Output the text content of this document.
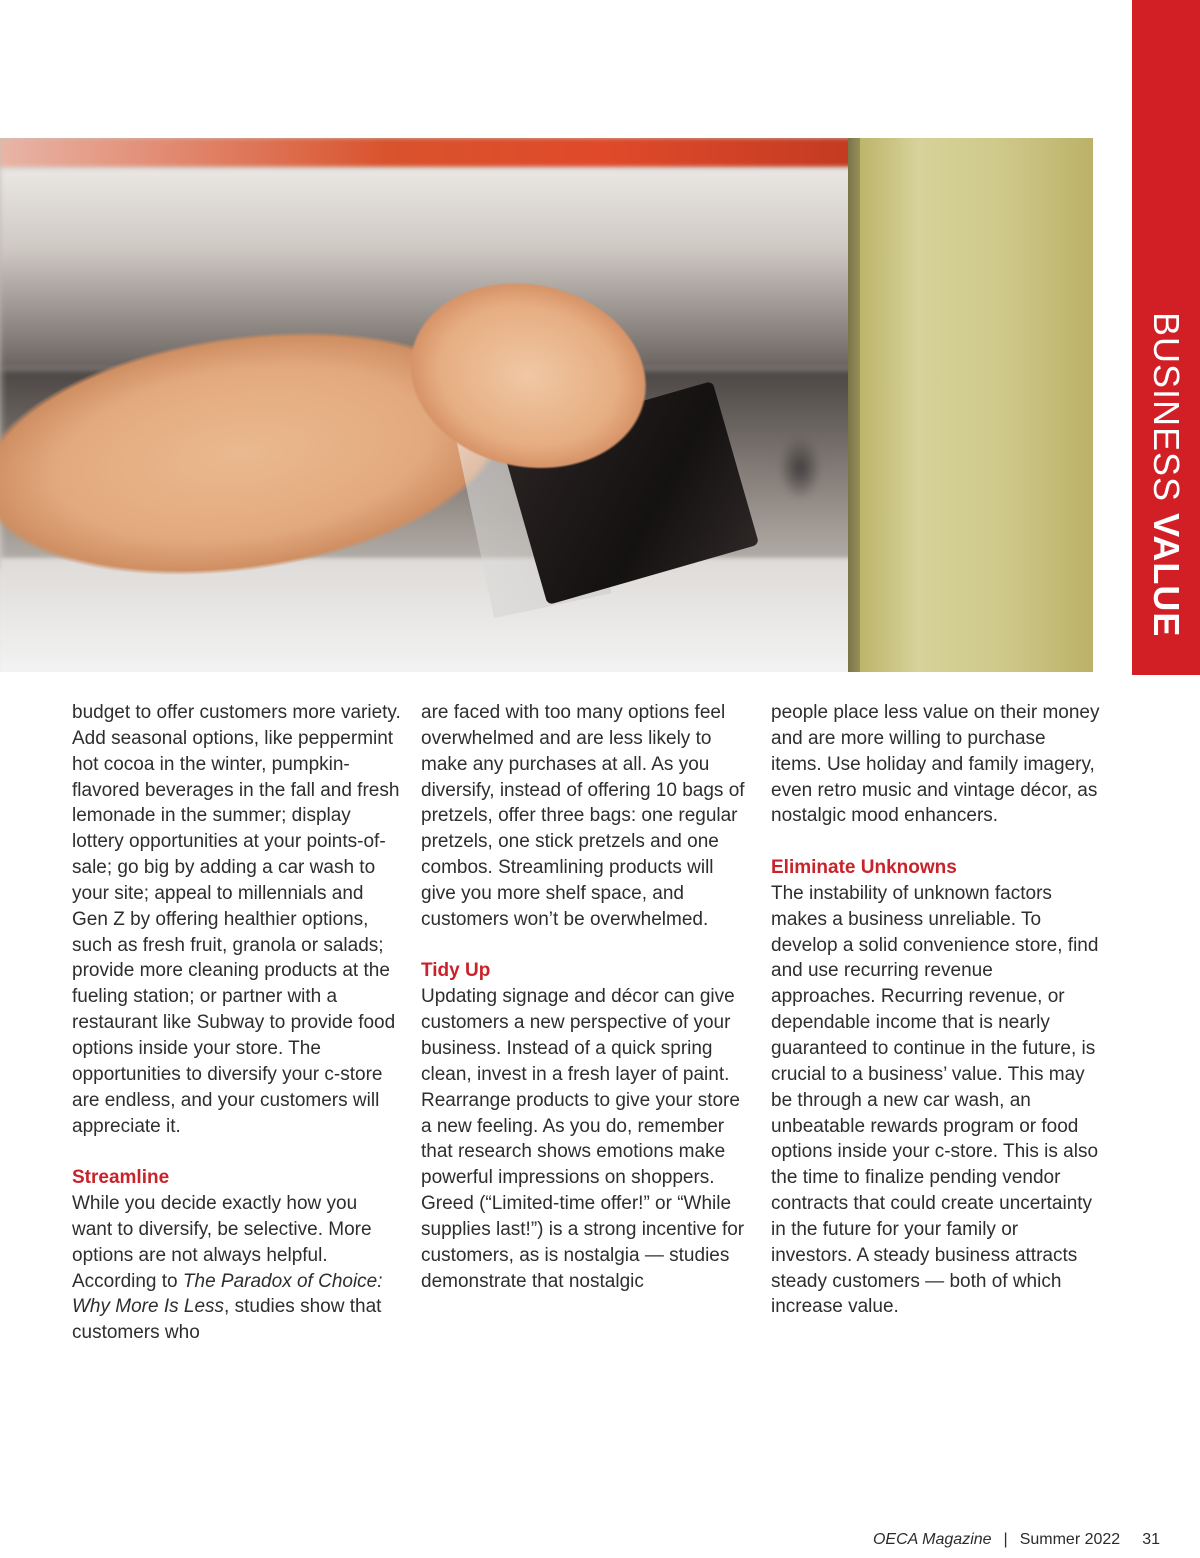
BUSINESS VALUE

budget to offer customers more variety. Add seasonal options, like peppermint hot cocoa in the winter, pumpkin-flavored beverages in the fall and fresh lemonade in the summer; display lottery opportunities at your points-of-sale; go big by adding a car wash to your site; appeal to millennials and Gen Z by offering healthier options, such as fresh fruit, granola or salads; provide more cleaning products at the fueling station; or partner with a restaurant like Subway to provide food options inside your store. The opportunities to diversify your c-store are endless, and your customers will appreciate it.

Streamline

While you decide exactly how you want to diversify, be selective. More options are not always helpful. According to The Paradox of Choice: Why More Is Less, studies show that customers who

are faced with too many options feel overwhelmed and are less likely to make any purchases at all. As you diversify, instead of offering 10 bags of pretzels, offer three bags: one regular pretzels, one stick pretzels and one combos. Streamlining products will give you more shelf space, and customers won’t be overwhelmed.

Tidy Up

Updating signage and décor can give customers a new perspective of your business. Instead of a quick spring clean, invest in a fresh layer of paint. Rearrange products to give your store a new feeling. As you do, remember that research shows emotions make powerful impressions on shoppers. Greed (“Limited-time offer!” or “While supplies last!”) is a strong incentive for customers, as is nostalgia — studies demonstrate that nostalgic

people place less value on their money and are more willing to purchase items. Use holiday and family imagery, even retro music and vintage décor, as nostalgic mood enhancers.

Eliminate Unknowns

The instability of unknown factors makes a business unreliable. To develop a solid convenience store, find and use recurring revenue approaches. Recurring revenue, or dependable income that is nearly guaranteed to continue in the future, is crucial to a business’ value. This may be through a new car wash, an unbeatable rewards program or food options inside your c-store. This is also the time to finalize pending vendor contracts that could create uncertainty in the future for your family or investors. A steady business attracts steady customers — both of which increase value.

OECA Magazine | Summer 2022 31
